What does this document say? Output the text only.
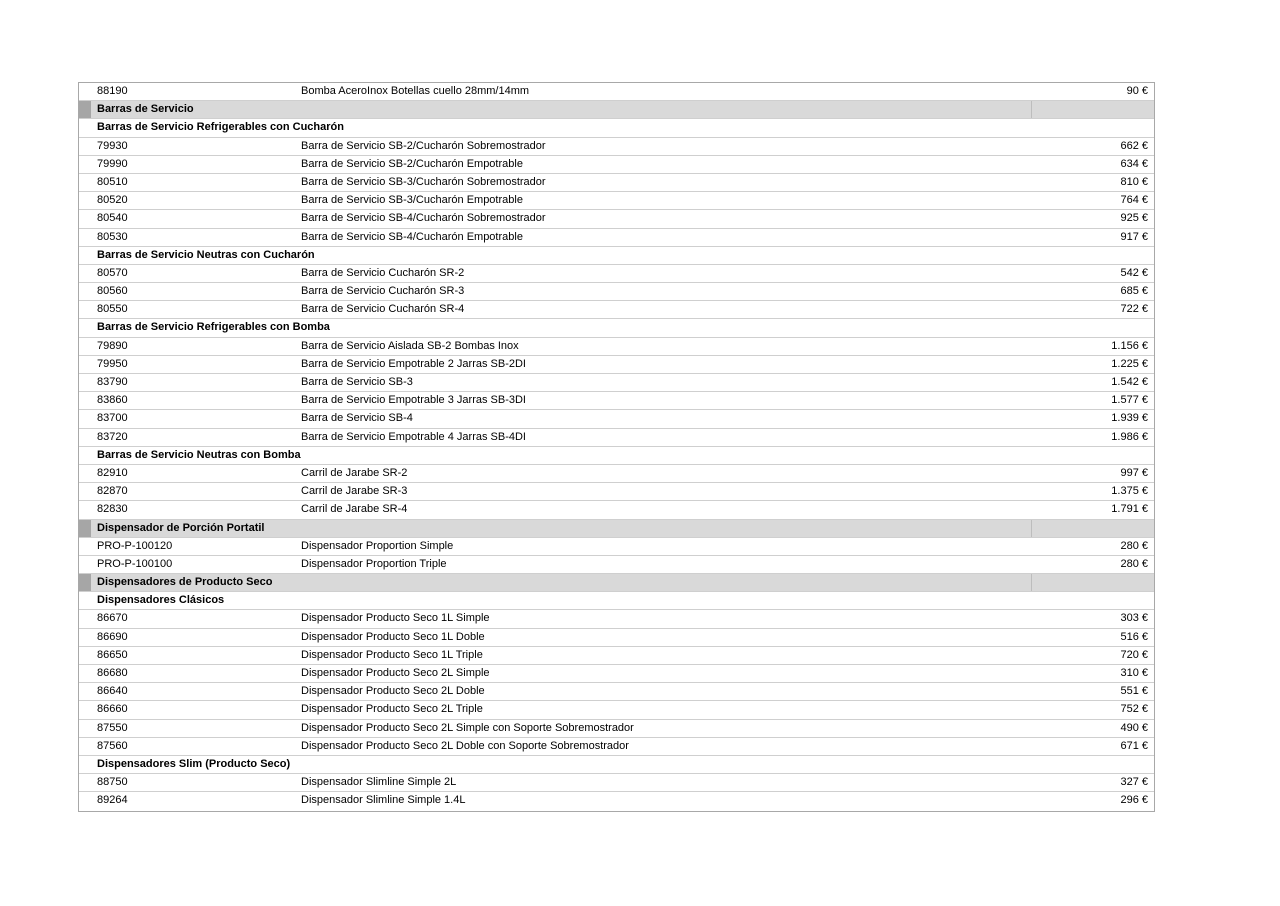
88190	Bomba AceroInox Botellas cuello 28mm/14mm	90 €
Barras de Servicio
Barras de Servicio Refrigerables con Cucharón
79930	Barra de Servicio SB-2/Cucharón Sobremostrador	662 €
79990	Barra de Servicio SB-2/Cucharón Empotrable	634 €
80510	Barra de Servicio SB-3/Cucharón Sobremostrador	810 €
80520	Barra de Servicio SB-3/Cucharón Empotrable	764 €
80540	Barra de Servicio SB-4/Cucharón Sobremostrador	925 €
80530	Barra de Servicio SB-4/Cucharón Empotrable	917 €
Barras de Servicio Neutras con Cucharón
80570	Barra de Servicio Cucharón SR-2	542 €
80560	Barra de Servicio Cucharón SR-3	685 €
80550	Barra de Servicio Cucharón SR-4	722 €
Barras de Servicio Refrigerables con Bomba
79890	Barra de Servicio Aislada SB-2 Bombas Inox	1.156 €
79950	Barra de Servicio Empotrable 2 Jarras SB-2DI	1.225 €
83790	Barra de Servicio SB-3	1.542 €
83860	Barra de Servicio Empotrable 3 Jarras SB-3DI	1.577 €
83700	Barra de Servicio SB-4	1.939 €
83720	Barra de Servicio Empotrable 4 Jarras SB-4DI	1.986 €
Barras de Servicio Neutras con Bomba
82910	Carril de Jarabe SR-2	997 €
82870	Carril de Jarabe SR-3	1.375 €
82830	Carril de Jarabe SR-4	1.791 €
Dispensador de Porción Portatil
PRO-P-100120	Dispensador Proportion Simple	280 €
PRO-P-100100	Dispensador Proportion Triple	280 €
Dispensadores de Producto Seco
Dispensadores Clásicos
86670	Dispensador Producto Seco 1L Simple	303 €
86690	Dispensador Producto Seco 1L Doble	516 €
86650	Dispensador Producto Seco 1L Triple	720 €
86680	Dispensador Producto Seco 2L Simple	310 €
86640	Dispensador Producto Seco 2L Doble	551 €
86660	Dispensador Producto Seco 2L Triple	752 €
87550	Dispensador Producto Seco 2L Simple con Soporte Sobremostrador	490 €
87560	Dispensador Producto Seco 2L Doble con Soporte Sobremostrador	671 €
Dispensadores Slim (Producto Seco)
88750	Dispensador Slimline Simple 2L	327 €
89264	Dispensador Slimline Simple 1.4L	296 €
